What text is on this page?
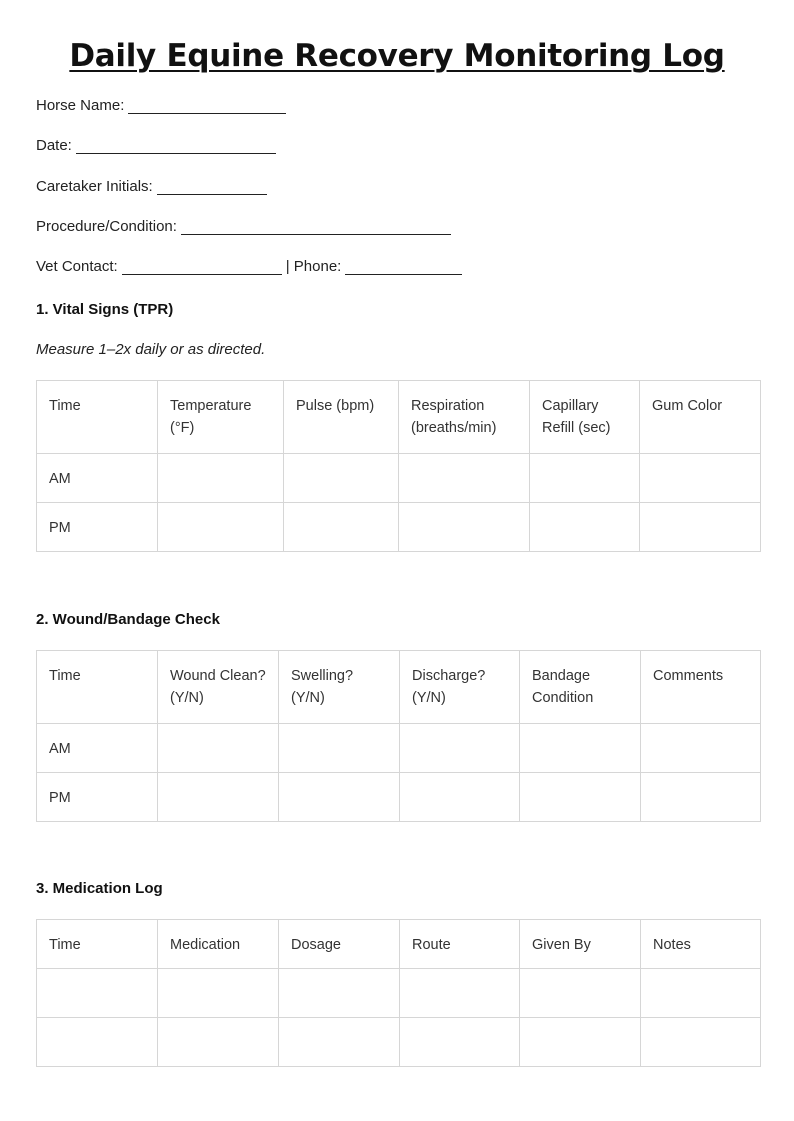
Daily Equine Recovery Monitoring Log
Horse Name:
Date:
Caretaker Initials:
Procedure/Condition:
Vet Contact:	| Phone:
1. Vital Signs (TPR)
Measure 1–2x daily or as directed.
Time	Temperature (°F)	Pulse (bpm)	Respiration (breaths/min)	Capillary Refill (sec)	Gum Color
AM					
PM					
2. Wound/Bandage Check
Time	Wound Clean? (Y/N)	Swelling? (Y/N)	Discharge? (Y/N)	Bandage Condition	Comments
AM					
PM					
3. Medication Log
Time	Medication	Dosage	Route	Given By	Notes
